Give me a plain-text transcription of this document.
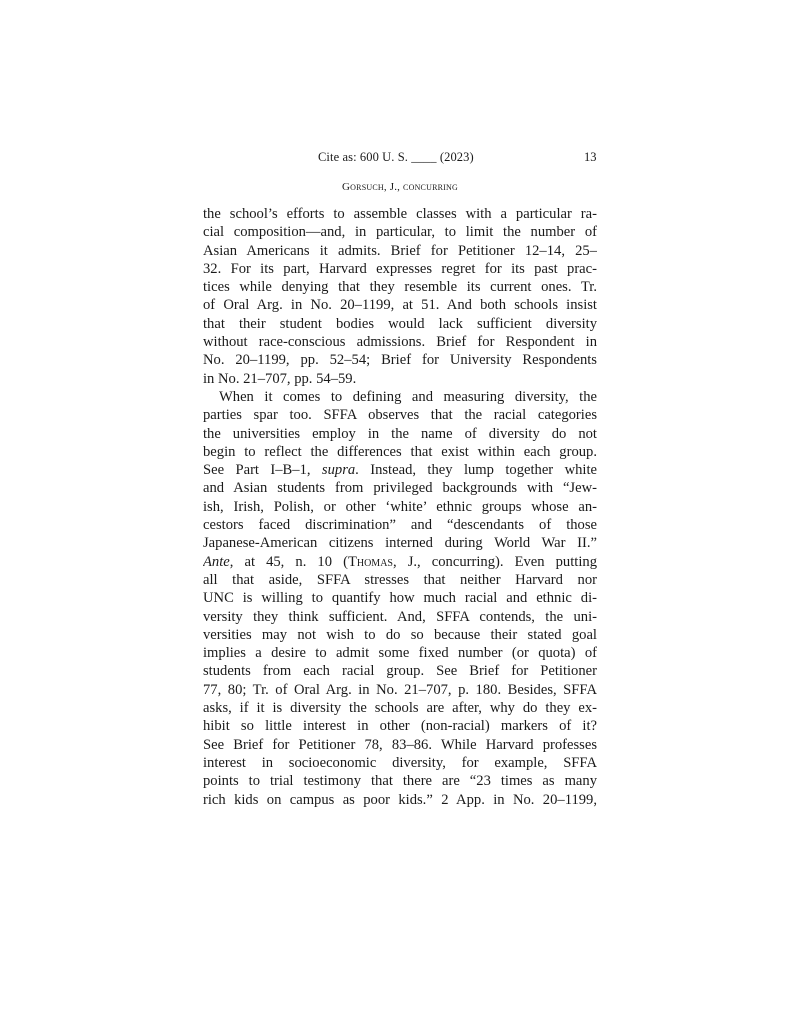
Cite as: 600 U. S. ____ (2023)	13
Gorsuch, J., concurring
the school’s efforts to assemble classes with a particular ra-
cial composition—and, in particular, to limit the number of
Asian Americans it admits. Brief for Petitioner 12–14, 25–
32. For its part, Harvard expresses regret for its past prac-
tices while denying that they resemble its current ones. Tr.
of Oral Arg. in No. 20–1199, at 51. And both schools insist
that their student bodies would lack sufficient diversity
without race-conscious admissions. Brief for Respondent in
No. 20–1199, pp. 52–54; Brief for University Respondents
in No. 21–707, pp. 54–59.
When it comes to defining and measuring diversity, the
parties spar too. SFFA observes that the racial categories
the universities employ in the name of diversity do not
begin to reflect the differences that exist within each group.
See Part I–B–1, supra. Instead, they lump together white
and Asian students from privileged backgrounds with “Jew-
ish, Irish, Polish, or other ‘white’ ethnic groups whose an-
cestors faced discrimination” and “descendants of those
Japanese-American citizens interned during World War II.”
Ante, at 45, n. 10 (Thomas, J., concurring). Even putting
all that aside, SFFA stresses that neither Harvard nor
UNC is willing to quantify how much racial and ethnic di-
versity they think sufficient. And, SFFA contends, the uni-
versities may not wish to do so because their stated goal
implies a desire to admit some fixed number (or quota) of
students from each racial group. See Brief for Petitioner
77, 80; Tr. of Oral Arg. in No. 21–707, p. 180. Besides, SFFA
asks, if it is diversity the schools are after, why do they ex-
hibit so little interest in other (non-racial) markers of it?
See Brief for Petitioner 78, 83–86. While Harvard professes
interest in socioeconomic diversity, for example, SFFA
points to trial testimony that there are “23 times as many
rich kids on campus as poor kids.” 2 App. in No. 20–1199,
